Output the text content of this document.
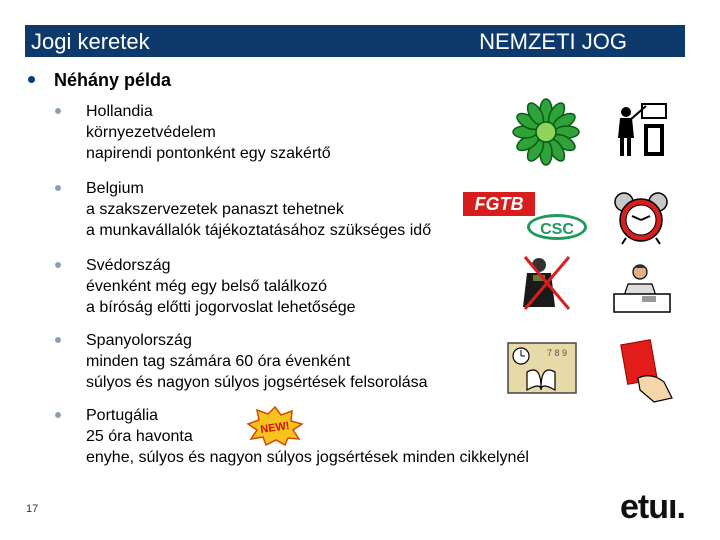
Jogi keretek	NEMZETI JOG
Néhány példa
Hollandia
környezetvédelem
napirendi pontonként egy szakértő
Belgium
a szakszervezetek panaszt tehetnek
a munkavállalók tájékoztatásához szükséges idő
Svédország
évenként még egy belső találkozó
a bíróság előtti jogorvoslat lehetősége
Spanyolország
minden tag számára 60 óra évenként
súlyos és nagyon súlyos jogsértések felsorolása
Portugália
25 óra havonta
enyhe, súlyos és nagyon súlyos jogsértések minden cikkelynél
FGTB
CSC
7 8 9
NEW!
17	etuı.
